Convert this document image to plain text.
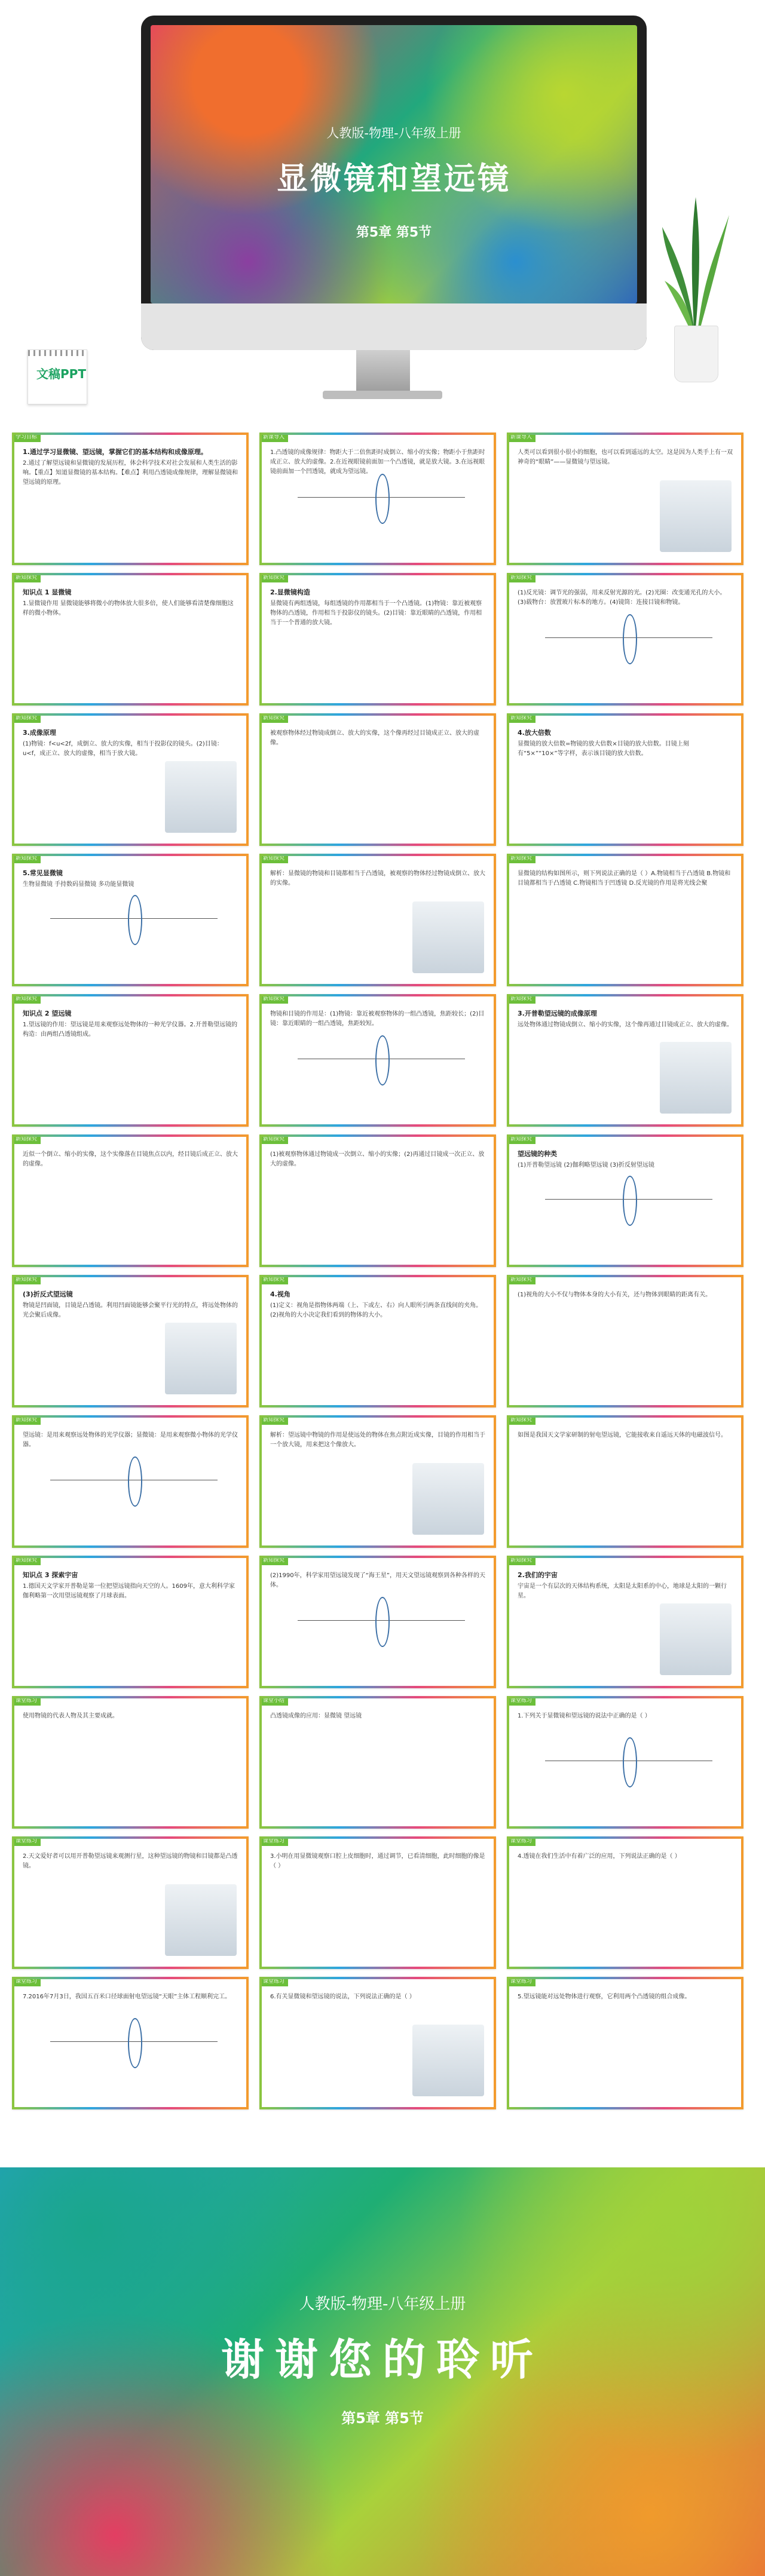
文稿PPT
人教版-物理-八年级上册
显微镜和望远镜
第5章 第5节
学习目标
1.通过学习显微镜、望远镜，掌握它们的基本结构和成像原理。
2.通过了解望远镜和显微镜的发展历程，体会科学技术对社会发展和人类生活的影响。【重点】知道显微镜的基本结构。【难点】利用凸透镜成像规律，理解显微镜和望远镜的原理。
新课导入
1.凸透镜的成像规律：物距大于二倍焦距时成倒立、缩小的实像；物距小于焦距时成正立、放大的虚像。2.在近视眼镜前面加一个凸透镜，就是放大镜。3.在远视眼镜前面加一个凹透镜，就成为望远镜。
新课导入
人类可以看到很小很小的细胞，也可以看到遥远的太空。这是因为人类手上有一双神奇的“眼睛”——显微镜与望远镜。
新知探究
知识点 1 显微镜
1.显微镜作用 显微镜能够将微小的物体放大很多倍，使人们能够看清楚像细胞这样的微小物体。
新知探究
2.显微镜构造
显微镜有两组透镜，每组透镜的作用都相当于一个凸透镜。(1)物镜：靠近被观察物体的凸透镜，作用相当于投影仪的镜头。(2)目镜：靠近眼睛的凸透镜，作用相当于一个普通的放大镜。
新知探究
(1)反光镜：调节光的强弱，用来反射光源的光。(2)光圈：改变通光孔的大小。(3)载物台：放置玻片标本的地方。(4)镜筒：连接目镜和物镜。
新知探究
3.成像原理
(1)物镜：f<u<2f，成倒立、放大的实像，相当于投影仪的镜头。(2)目镜：u<f，成正立、放大的虚像，相当于放大镜。
新知探究
被观察物体经过物镜成倒立、放大的实像，这个像再经过目镜成正立、放大的虚像。
新知探究
4.放大倍数
显微镜的放大倍数=物镜的放大倍数×目镜的放大倍数。目镜上刻有“5×”“10×”等字样，表示该目镜的放大倍数。
新知探究
5.常见显微镜
生物显微镜 手持数码显微镜 多功能显微镜
新知探究
解析：显微镜的物镜和目镜都相当于凸透镜，被观察的物体经过物镜成倒立、放大的实像。
新知探究
显微镜的结构如图所示，则下列说法正确的是（ ）A.物镜相当于凸透镜 B.物镜和目镜都相当于凸透镜 C.物镜相当于凹透镜 D.反光镜的作用是将光线会聚
新知探究
知识点 2 望远镜
1.望远镜的作用：望远镜是用来观察远处物体的一种光学仪器。2.开普勒望远镜的构造：由两组凸透镜组成。
新知探究
物镜和目镜的作用是：(1)物镜：靠近被观察物体的一组凸透镜，焦距较长；(2)目镜：靠近眼睛的一组凸透镜，焦距较短。
新知探究
3.开普勒望远镜的成像原理
远处物体通过物镜成倒立、缩小的实像，这个像再通过目镜成正立、放大的虚像。
新知探究
近似一个倒立、缩小的实像，这个实像落在目镜焦点以内，经目镜后成正立、放大的虚像。
新知探究
(1)被观察物体通过物镜成一次倒立、缩小的实像；(2)再通过目镜成一次正立、放大的虚像。
新知探究
望远镜的种类
(1)开普勒望远镜 (2)伽利略望远镜 (3)折反射望远镜
新知探究
(3)折反式望远镜
物镜是凹面镜，目镜是凸透镜。利用凹面镜能够会聚平行光的特点，将远处物体的光会聚后成像。
新知探究
4.视角
(1)定义：视角是指物体两端（上、下或左、右）向人眼所引两条直线间的夹角。(2)视角的大小决定我们看到的物体的大小。
新知探究
(1)视角的大小不仅与物体本身的大小有关，还与物体到眼睛的距离有关。
新知探究
望远镜：是用来观察远处物体的光学仪器；显微镜：是用来观察微小物体的光学仪器。
新知探究
解析：望远镜中物镜的作用是使远处的物体在焦点附近成实像，目镜的作用相当于一个放大镜，用来把这个像放大。
新知探究
如图是我国天文学家研制的射电望远镜，它能接收来自遥远天体的电磁波信号。
新知探究
知识点 3 探索宇宙
1.德国天文学家开普勒是第一位把望远镜指向天空的人。1609年，意大利科学家伽利略第一次用望远镜观察了月球表面。
新知探究
(2)1990年，科学家用望远镜发现了“海王星”，用天文望远镜观察到各种各样的天体。
新知探究
2.我们的宇宙
宇宙是一个有层次的天体结构系统，太阳是太阳系的中心，地球是太阳的一颗行星。
课堂练习
使用物镜的代表人物及其主要成就。
课堂小结
凸透镜成像的应用：显微镜 望远镜
课堂练习
1.下列关于显微镜和望远镜的说法中正确的是（ ）
课堂练习
2.天文爱好者可以用开普勒望远镜来观测行星，这种望远镜的物镜和目镜都是凸透镜。
课堂练习
3.小明在用显微镜观察口腔上皮细胞时，通过调节，已看清细胞，此时细胞的像是（ ）
课堂练习
4.透镜在我们生活中有着广泛的应用，下列说法正确的是（ ）
课堂练习
7.2016年7月3日，我国五百米口径球面射电望远镜“天眼”主体工程顺利完工。
课堂练习
6.有关显微镜和望远镜的说法，下列说法正确的是（ ）
课堂练习
5.望远镜能对远处物体进行观察，它利用两个凸透镜的组合成像。
人教版-物理-八年级上册
谢谢您的聆听
第5章 第5节
